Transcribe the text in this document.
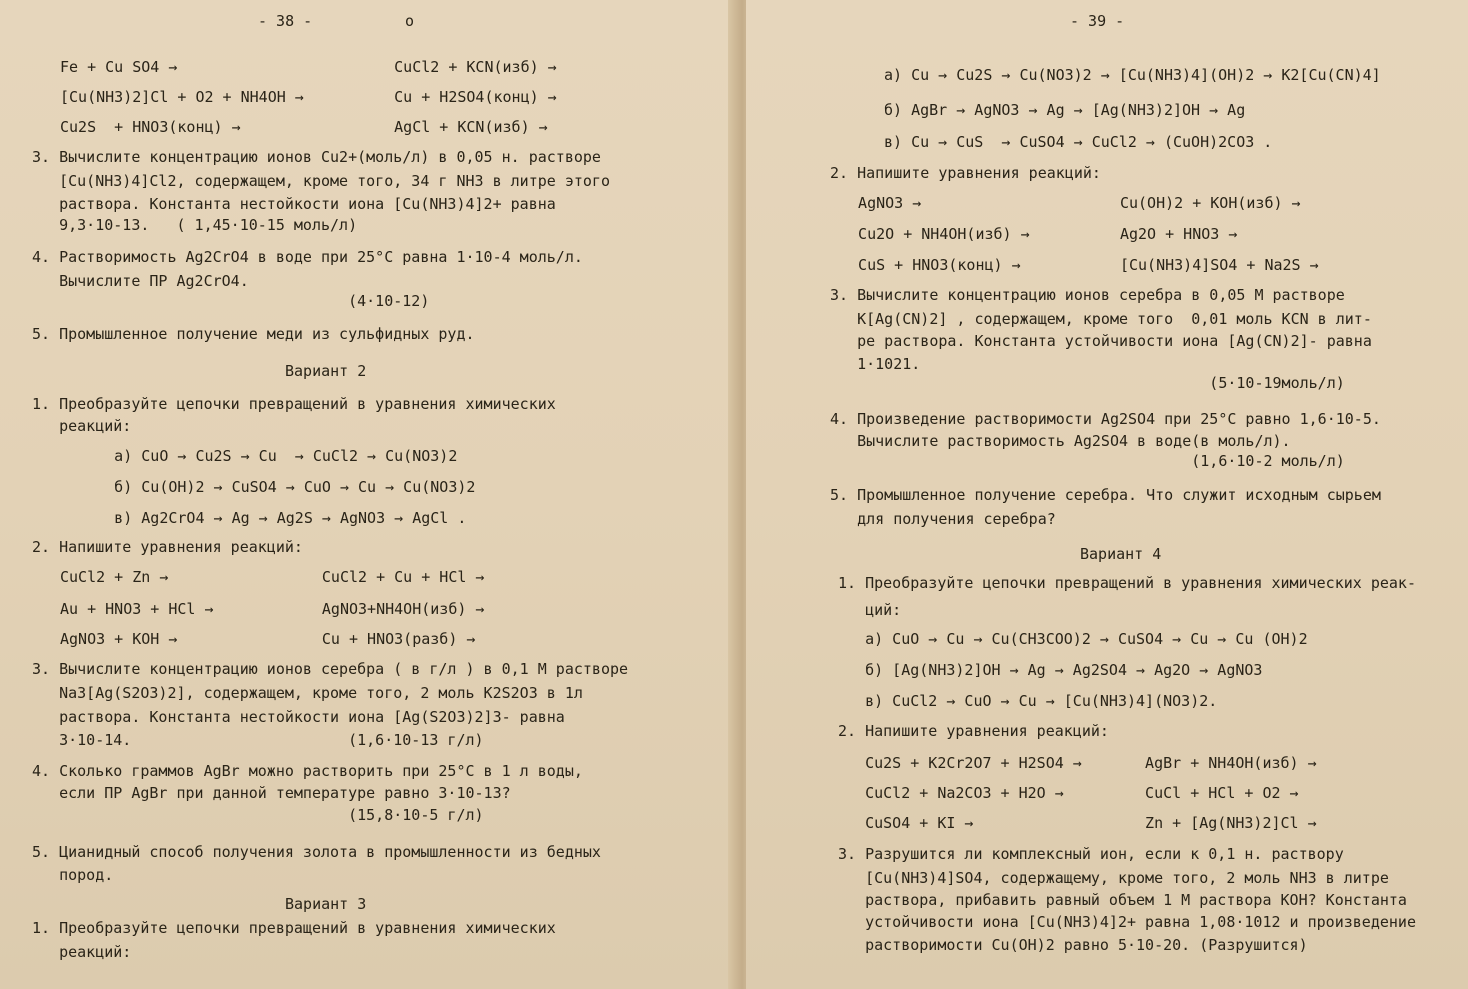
- 38 -	o

Fe + Cu SO4 →                        CuCl2 + KCN(изб) →

[Cu(NH3)2]Cl + O2 + NH4OH →          Cu + H2SO4(конц) →

Cu2S  + HNO3(конц) →                 AgCl + KCN(изб) →

3. Вычислите концентрацию ионов Cu2+(моль/л) в 0,05 н. растворе

[Cu(NH3)4]Cl2, содержащем, кроме того, 34 г NH3 в литре этого

раствора. Константа нестойкости иона [Cu(NH3)4]2+ равна

9,3·10-13.   ( 1,45·10-15 моль/л)

4. Растворимость Ag2CrO4 в воде при 25°C равна 1·10-4 моль/л.

Вычислите ПР Ag2CrO4.

(4·10-12)

5. Промышленное получение меди из сульфидных руд.

Вариант 2

1. Преобразуйте цепочки превращений в уравнения химических

реакций:

а) CuO → Cu2S → Cu  → CuCl2 → Cu(NO3)2

б) Cu(OH)2 → CuSO4 → CuO → Cu → Cu(NO3)2

в) Ag2CrO4 → Ag → Ag2S → AgNO3 → AgCl .

2. Напишите уравнения реакций:

CuCl2 + Zn →                 CuCl2 + Cu + HCl →

Au + HNO3 + HCl →            AgNO3+NH4OH(изб) →

AgNO3 + KOH →                Cu + HNO3(разб) →

3. Вычислите концентрацию ионов серебра ( в г/л ) в 0,1 М растворе

Na3[Ag(S2O3)2], содержащем, кроме того, 2 моль K2S2O3 в 1л

раствора. Константа нестойкости иона [Ag(S2O3)2]3- равна

3·10-14.                        (1,6·10-13 г/л)

4. Сколько граммов AgBr можно растворить при 25°C в 1 л воды,

если ПР AgBr при данной температуре равно 3·10-13?

(15,8·10-5 г/л)

5. Цианидный способ получения золота в промышленности из бедных

пород.

Вариант 3

1. Преобразуйте цепочки превращений в уравнения химических

реакций:

- 39 -

а) Cu → Cu2S → Cu(NO3)2 → [Cu(NH3)4](OH)2 → K2[Cu(CN)4]

б) AgBr → AgNO3 → Ag → [Ag(NH3)2]OH → Ag

в) Cu → CuS  → CuSO4 → CuCl2 → (CuOH)2CO3 .

2. Напишите уравнения реакций:

AgNO3 →                      Cu(OH)2 + KOH(изб) →

Cu2O + NH4OH(изб) →          Ag2O + HNO3 →

CuS + HNO3(конц) →           [Cu(NH3)4]SO4 + Na2S →

3. Вычислите концентрацию ионов серебра в 0,05 М растворе

K[Ag(CN)2] , содержащем, кроме того  0,01 моль KCN в лит-

ре раствора. Константа устойчивости иона [Ag(CN)2]- равна

1·1021.

(5·10-19моль/л)

4. Произведение растворимости Ag2SO4 при 25°C равно 1,6·10-5.

Вычислите растворимость Ag2SO4 в воде(в моль/л).

(1,6·10-2 моль/л)

5. Промышленное получение серебра. Что служит исходным сырьем

для получения серебра?

Вариант 4

1. Преобразуйте цепочки превращений в уравнения химических реак-

ций:

а) CuO → Cu → Cu(CH3COO)2 → CuSO4 → Cu → Cu (OH)2

б) [Ag(NH3)2]OH → Ag → Ag2SO4 → Ag2O → AgNO3

в) CuCl2 → CuO → Cu → [Cu(NH3)4](NO3)2.

2. Напишите уравнения реакций:

Cu2S + K2Cr2O7 + H2SO4 →       AgBr + NH4OH(изб) →

CuCl2 + Na2CO3 + H2O →         CuCl + HCl + O2 →

CuSO4 + KI →                   Zn + [Ag(NH3)2]Cl →

3. Разрушится ли комплексный ион, если к 0,1 н. раствору

[Cu(NH3)4]SO4, содержащему, кроме того, 2 моль NH3 в литре

раствора, прибавить равный объем 1 М раствора KOH? Константа

устойчивости иона [Cu(NH3)4]2+ равна 1,08·1012 и произведение

растворимости Cu(OH)2 равно 5·10-20. (Разрушится)
